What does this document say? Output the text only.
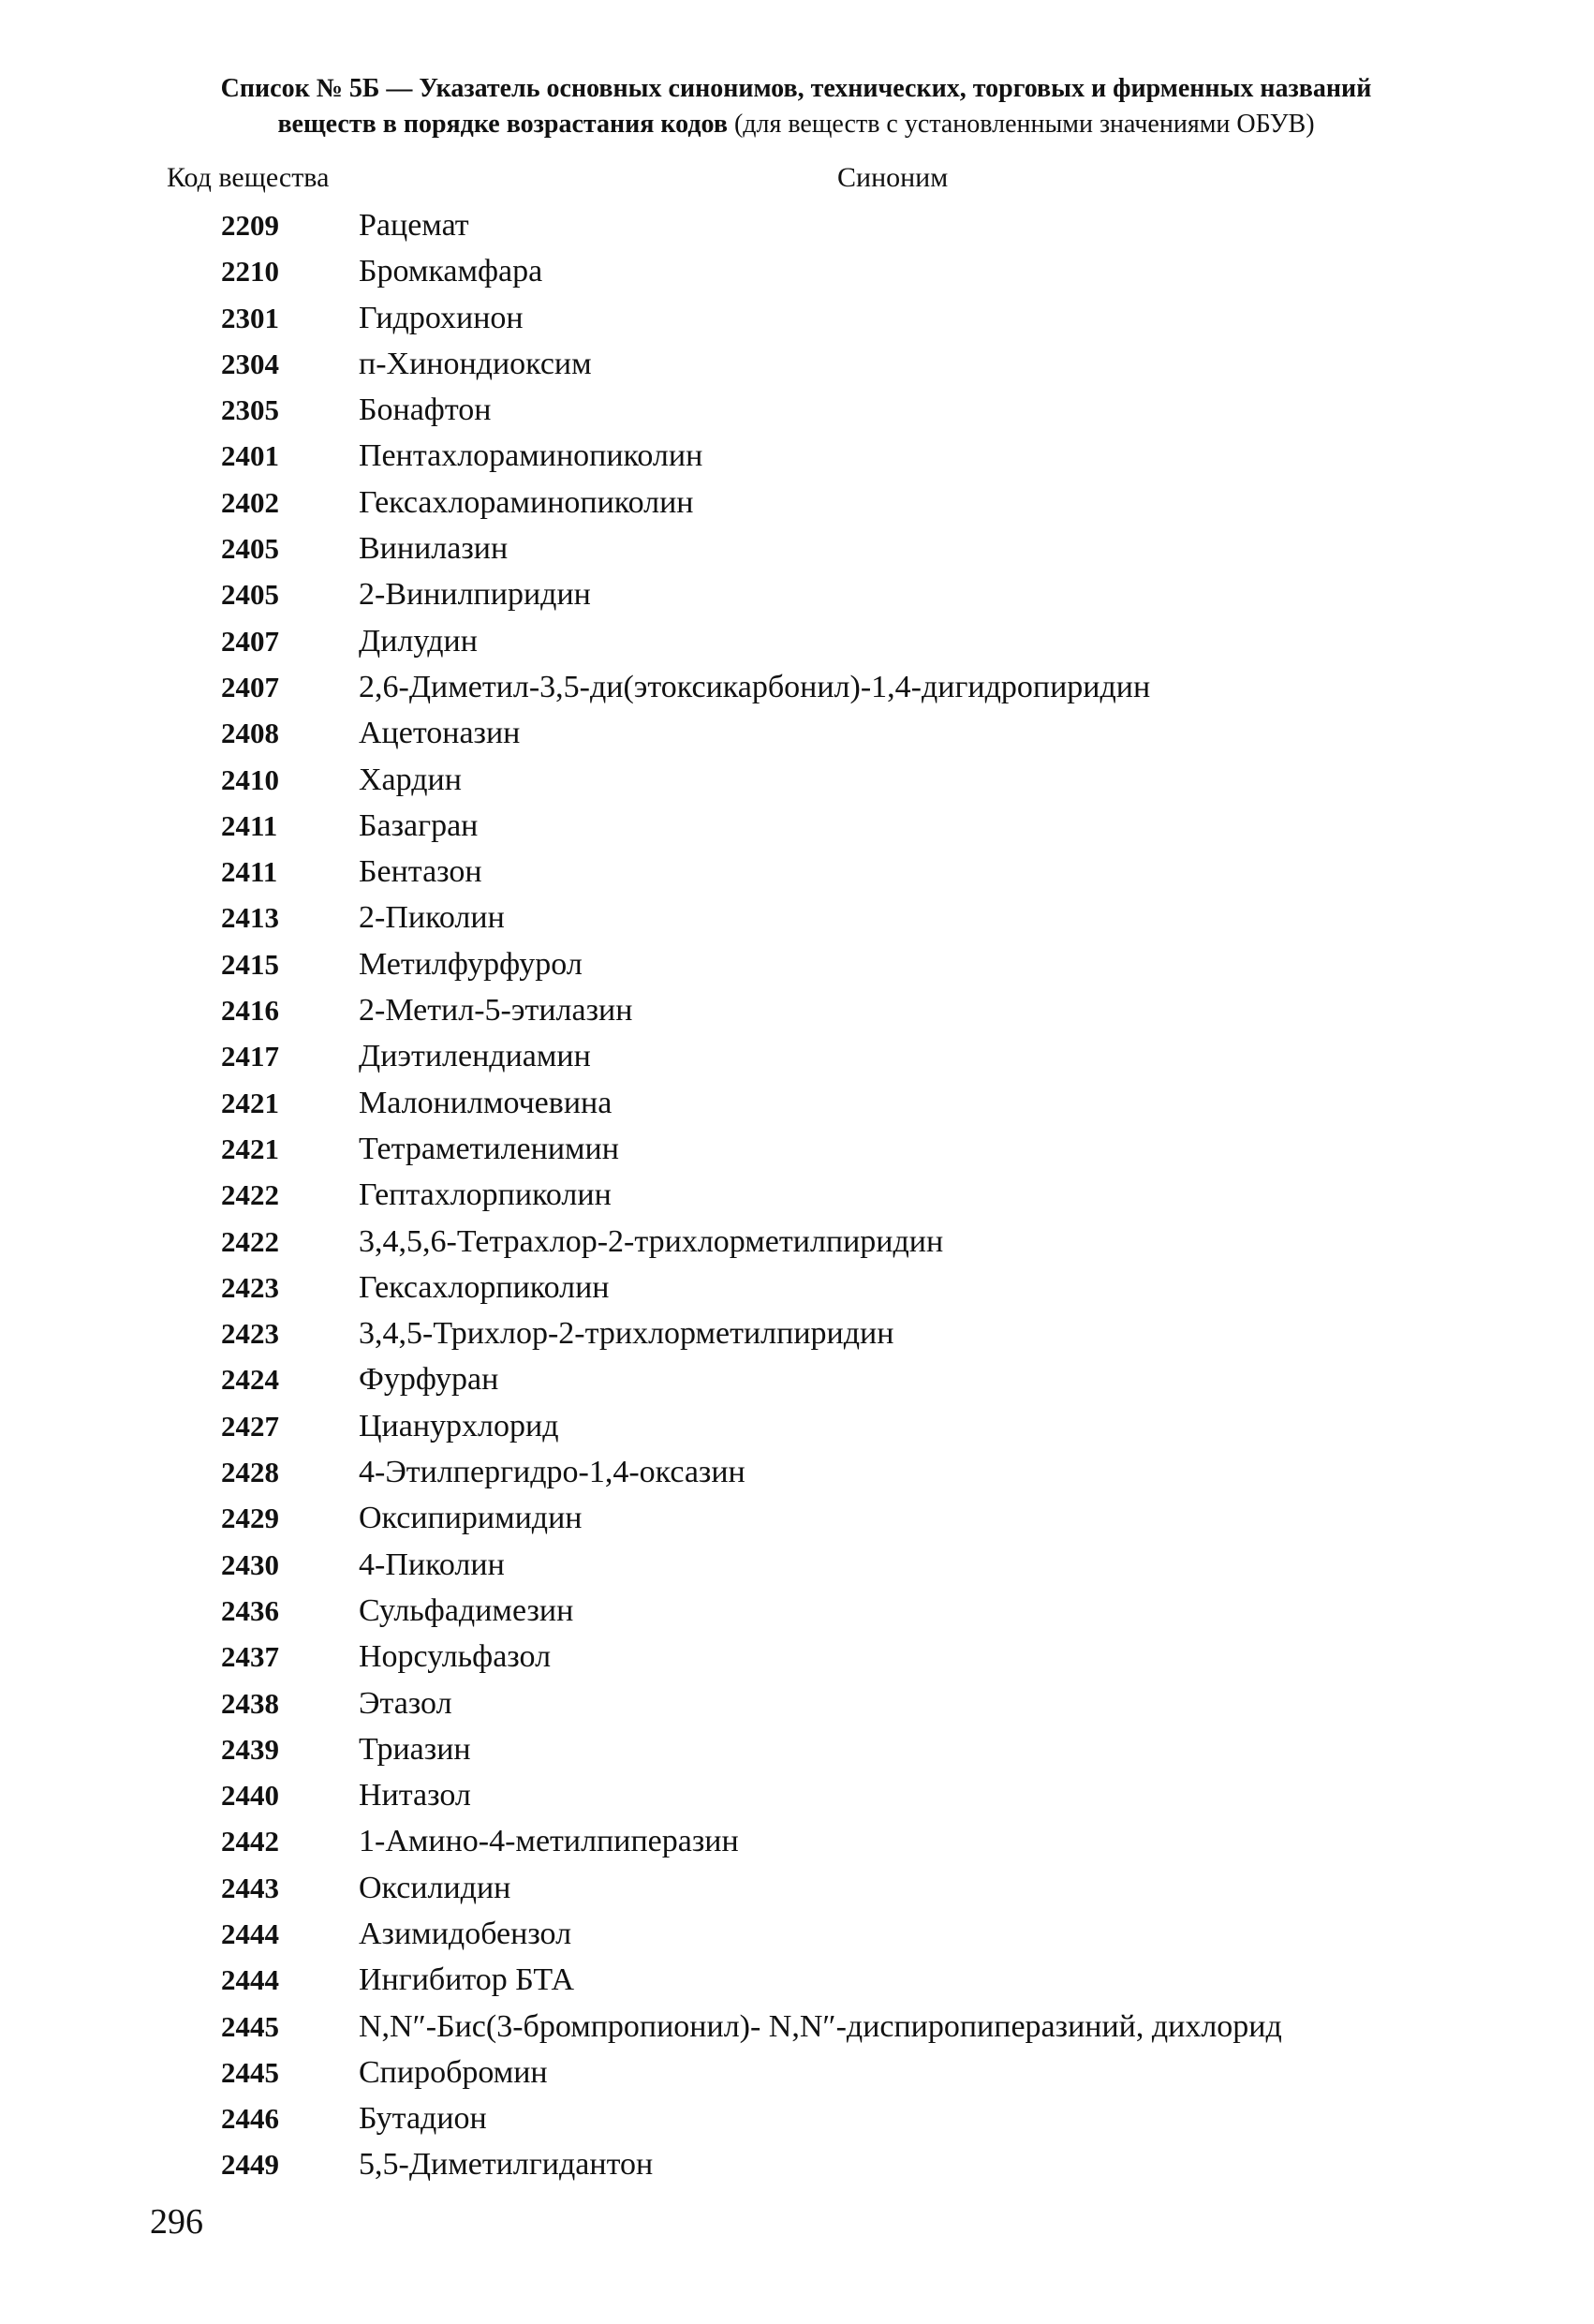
Список № 5Б — Указатель основных синонимов, технических, торговых и фирменных названий
веществ в порядке возрастания кодов (для веществ с установленными значениями ОБУВ)
Код вещества	Синоним
2209	Рацемат
2210	Бромкамфара
2301	Гидрохинон
2304	п-Хинондиоксим
2305	Бонафтон
2401	Пентахлораминопиколин
2402	Гексахлораминопиколин
2405	Винилазин
2405	2-Винилпиридин
2407	Дилудин
2407	2,6-Диметил-3,5-ди(этоксикарбонил)-1,4-дигидропиридин
2408	Ацетоназин
2410	Хардин
2411	Базагран
2411	Бентазон
2413	2-Пиколин
2415	Метилфурфурол
2416	2-Метил-5-этилазин
2417	Диэтилендиамин
2421	Малонилмочевина
2421	Тетраметиленимин
2422	Гептахлорпиколин
2422	3,4,5,6-Тетрахлор-2-трихлорметилпиридин
2423	Гексахлорпиколин
2423	3,4,5-Трихлор-2-трихлорметилпиридин
2424	Фурфуран
2427	Цианурхлорид
2428	4-Этилпергидро-1,4-оксазин
2429	Оксипиримидин
2430	4-Пиколин
2436	Сульфадимезин
2437	Норсульфазол
2438	Этазол
2439	Триазин
2440	Нитазол
2442	1-Амино-4-метилпиперазин
2443	Оксилидин
2444	Азимидобензол
2444	Ингибитор БТА
2445	N,N″-Бис(3-бромпропионил)- N,N″-диспиропиперазиний, дихлорид
2445	Спиробромин
2446	Бутадион
2449	5,5-Диметилгидантон
296
